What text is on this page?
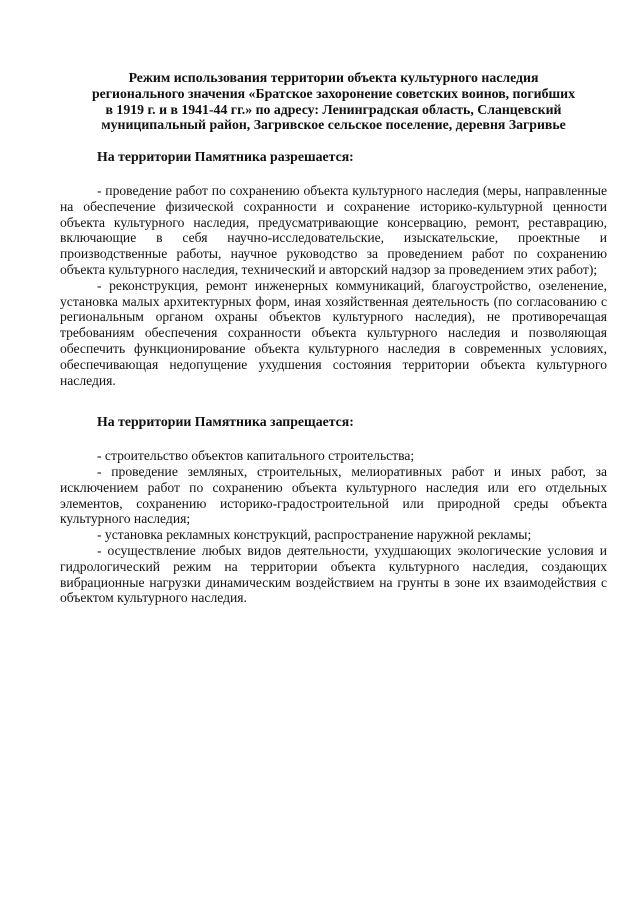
Режим использования территории объекта культурного наследия
регионального значения «Братское захоронение советских воинов, погибших
в 1919 г. и в 1941-44 гг.» по адресу: Ленинградская область, Сланцевский
муниципальный район, Загривское сельское поселение, деревня Загривье
На территории Памятника разрешается:

- проведение работ по сохранению объекта культурного наследия (меры, направленные на обеспечение физической сохранности и сохранение историко-культурной ценности объекта культурного наследия, предусматривающие консервацию, ремонт, реставрацию, включающие в себя научно-исследовательские, изыскательские, проектные и производственные работы, научное руководство за проведением работ по сохранению объекта культурного наследия, технический и авторский надзор за проведением этих работ);

- реконструкция, ремонт инженерных коммуникаций, благоустройство, озеленение, установка малых архитектурных форм, иная хозяйственная деятельность (по согласованию с региональным органом охраны объектов культурного наследия), не противоречащая требованиям обеспечения сохранности объекта культурного наследия и позволяющая обеспечить функционирование объекта культурного наследия в современных условиях, обеспечивающая недопущение ухудшения состояния территории объекта культурного наследия.

На территории Памятника запрещается:

- строительство объектов капитального строительства;

- проведение земляных, строительных, мелиоративных работ и иных работ, за исключением работ по сохранению объекта культурного наследия или его отдельных элементов, сохранению историко-градостроительной или природной среды объекта культурного наследия;

- установка рекламных конструкций, распространение наружной рекламы;

- осуществление любых видов деятельности, ухудшающих экологические условия и гидрологический режим на территории объекта культурного наследия, создающих вибрационные нагрузки динамическим воздействием на грунты в зоне их взаимодействия с объектом культурного наследия.
